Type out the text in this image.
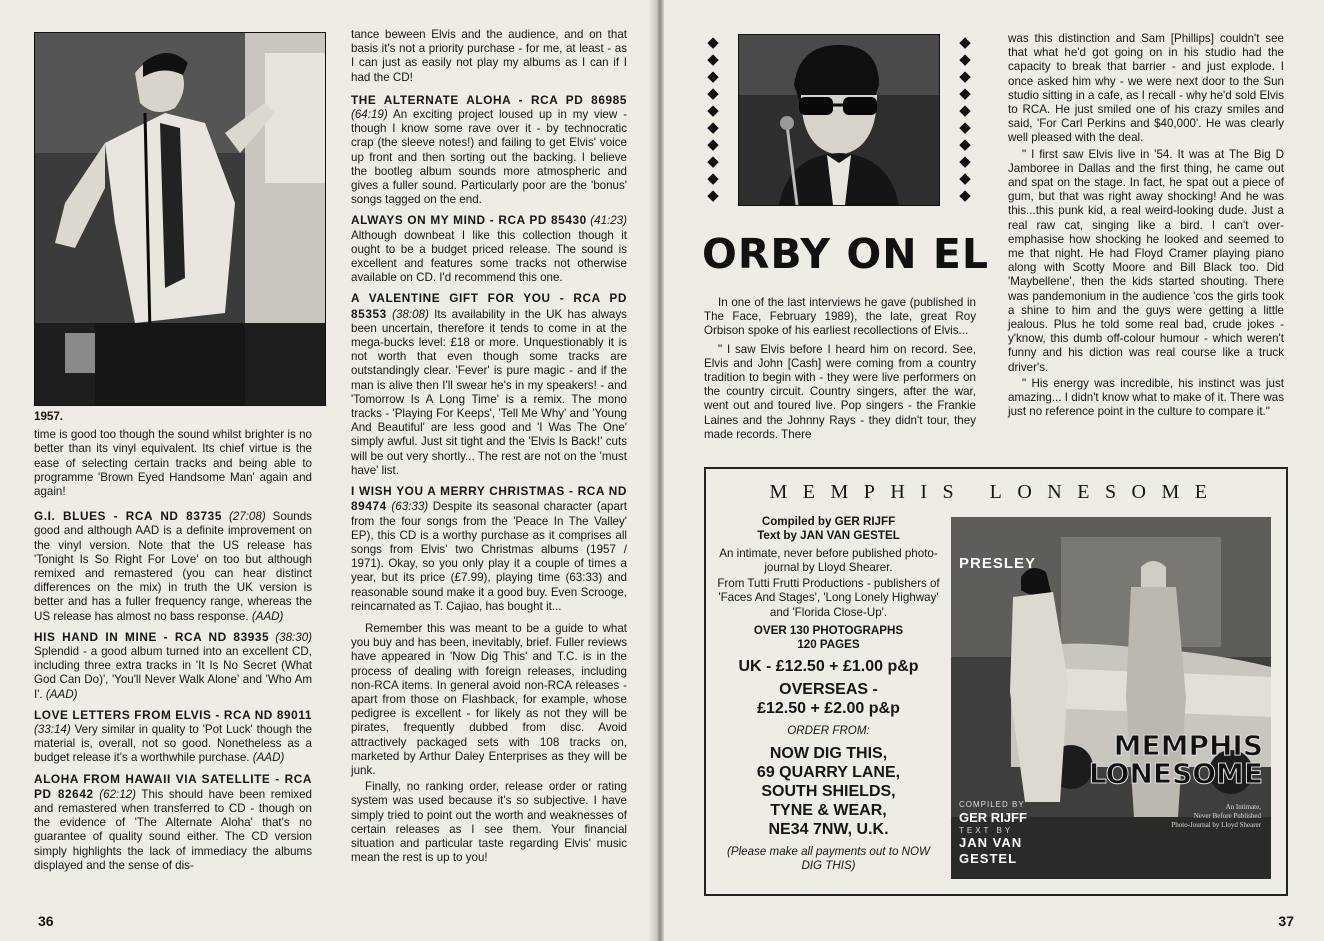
1957.

time is good too though the sound whilst brighter is no better than its vinyl equivalent. Its chief virtue is the ease of selecting certain tracks and being able to programme 'Brown Eyed Handsome Man' again and again!

G.I. BLUES - RCA ND 83735 (27:08) Sounds good and although AAD is a definite improvement on the vinyl version. Note that the US release has 'Tonight Is So Right For Love' on too but although remixed and remastered (you can hear distinct differences on the mix) in truth the UK version is better and has a fuller frequency range, whereas the US release has almost no bass response. (AAD)
HIS HAND IN MINE - RCA ND 83935 (38:30) Splendid - a good album turned into an excellent CD, including three extra tracks in 'It Is No Secret (What God Can Do)', 'You'll Never Walk Alone' and 'Who Am I'. (AAD)
LOVE LETTERS FROM ELVIS - RCA ND 89011 (33:14) Very similar in quality to 'Pot Luck' though the material is, overall, not so good. Nonetheless as a budget release it's a worthwhile purchase. (AAD)
ALOHA FROM HAWAII VIA SATELLITE - RCA PD 82642 (62:12) This should have been remixed and remastered when transferred to CD - though on the evidence of 'The Alternate Aloha' that's no guarantee of quality sound either. The CD version simply highlights the lack of immediacy the albums displayed and the sense of dis-

tance beween Elvis and the audience, and on that basis it's not a priority purchase - for me, at least - as I can just as easily not play my albums as I can if I had the CD!

THE ALTERNATE ALOHA - RCA PD 86985 (64:19) An exciting project loused up in my view - though I know some rave over it - by technocratic crap (the sleeve notes!) and failing to get Elvis' voice up front and then sorting out the backing. I believe the bootleg album sounds more atmospheric and gives a fuller sound. Particularly poor are the 'bonus' songs tagged on the end.
ALWAYS ON MY MIND - RCA PD 85430 (41:23) Although downbeat I like this collection though it ought to be a budget priced release. The sound is excellent and features some tracks not otherwise available on CD. I'd recommend this one.
A VALENTINE GIFT FOR YOU - RCA PD 85353 (38:08) Its availability in the UK has always been uncertain, therefore it tends to come in at the mega-bucks level: £18 or more. Unquestionably it is not worth that even though some tracks are outstandingly clear. 'Fever' is pure magic - and if the man is alive then I'll swear he's in my speakers! - and 'Tomorrow Is A Long Time' is a remix. The mono tracks - 'Playing For Keeps', 'Tell Me Why' and 'Young And Beautiful' are less good and 'I Was The One' simply awful. Just sit tight and the 'Elvis Is Back!' cuts will be out very shortly... The rest are not on the 'must have' list.
I WISH YOU A MERRY CHRISTMAS - RCA ND 89474 (63:33) Despite its seasonal character (apart from the four songs from the 'Peace In The Valley' EP), this CD is a worthy purchase as it comprises all songs from Elvis' two Christmas albums (1957 / 1971). Okay, so you only play it a couple of times a year, but its price (£7.99), playing time (63:33) and reasonable sound make it a good buy. Even Scrooge, reincarnated as T. Cajiao, has bought it...

Remember this was meant to be a guide to what you buy and has been, inevitably, brief. Fuller reviews have appeared in 'Now Dig This' and T.C. is in the process of dealing with foreign releases, including non-RCA items. In general avoid non-RCA releases - apart from those on Flashback, for example, whose pedigree is excellent - for likely as not they will be pirates, frequently dubbed from disc. Avoid attractively packaged sets with 108 tracks on, marketed by Arthur Daley Enterprises as they will be junk.

Finally, no ranking order, release order or rating system was used because it's so subjective. I have simply tried to point out the worth and weaknesses of certain releases as I see them. Your financial situation and particular taste regarding Elvis' music mean the rest is up to you!

36
◆
◆
◆
◆
◆
◆
◆
◆
◆
◆
◆
◆
◆
◆
◆
◆
◆
◆
◆
◆
ORBY ON EL

In one of the last interviews he gave (published in The Face, February 1989), the late, great Roy Orbison spoke of his earliest recollections of Elvis...

" I saw Elvis before I heard him on record. See, Elvis and John [Cash] were coming from a country tradition to begin with - they were live performers on the country circuit. Country singers, after the war, went out and toured live. Pop singers - the Frankie Laines and the Johnny Rays - they didn't tour, they made records. There

was this distinction and Sam [Phillips] couldn't see that what he'd got going on in his studio had the capacity to break that barrier - and just explode. I once asked him why - we were next door to the Sun studio sitting in a cafe, as I recall - why he'd sold Elvis to RCA. He just smiled one of his crazy smiles and said, 'For Carl Perkins and $40,000'. He was clearly well pleased with the deal.

" I first saw Elvis live in '54. It was at The Big D Jamboree in Dallas and the first thing, he came out and spat on the stage. In fact, he spat out a piece of gum, but that was right away shocking! And he was this...this punk kid, a real weird-looking dude. Just a real raw cat, singing like a bird. I can't over-emphasise how shocking he looked and seemed to me that night. He had Floyd Cramer playing piano along with Scotty Moore and Bill Black too. Did 'Maybellene', then the kids started shouting. There was pandemonium in the audience 'cos the girls took a shine to him and the guys were getting a little jealous. Plus he told some real bad, crude jokes - y'know, this dumb off-colour humour - which weren't funny and his diction was real course like a truck driver's.

" His energy was incredible, his instinct was just amazing... I didn't know what to make of it. There was just no reference point in the culture to compare it."

MEMPHIS LONESOME
Compiled by GER RIJFF
Text by JAN VAN GESTEL
An intimate, never before published photo-journal by Lloyd Shearer.
From Tutti Frutti Productions - publishers of 'Faces And Stages', 'Long Lonely Highway' and 'Florida Close-Up'.
OVER 130 PHOTOGRAPHS
120 PAGES
UK - £12.50 + £1.00 p&p
OVERSEAS -
£12.50 + £2.00 p&p
ORDER FROM:
NOW DIG THIS,
69 QUARRY LANE,
SOUTH SHIELDS,
TYNE & WEAR,
NE34 7NW, U.K.
(Please make all payments out to NOW DIG THIS)
PRESLEY
MEMPHIS
LONESOME
COMPILED BY
GER RIJFF
TEXT BY
JAN VAN
GESTEL
An Intimate,
Never Before Published
Photo-Journal by Lloyd Shearer
37
